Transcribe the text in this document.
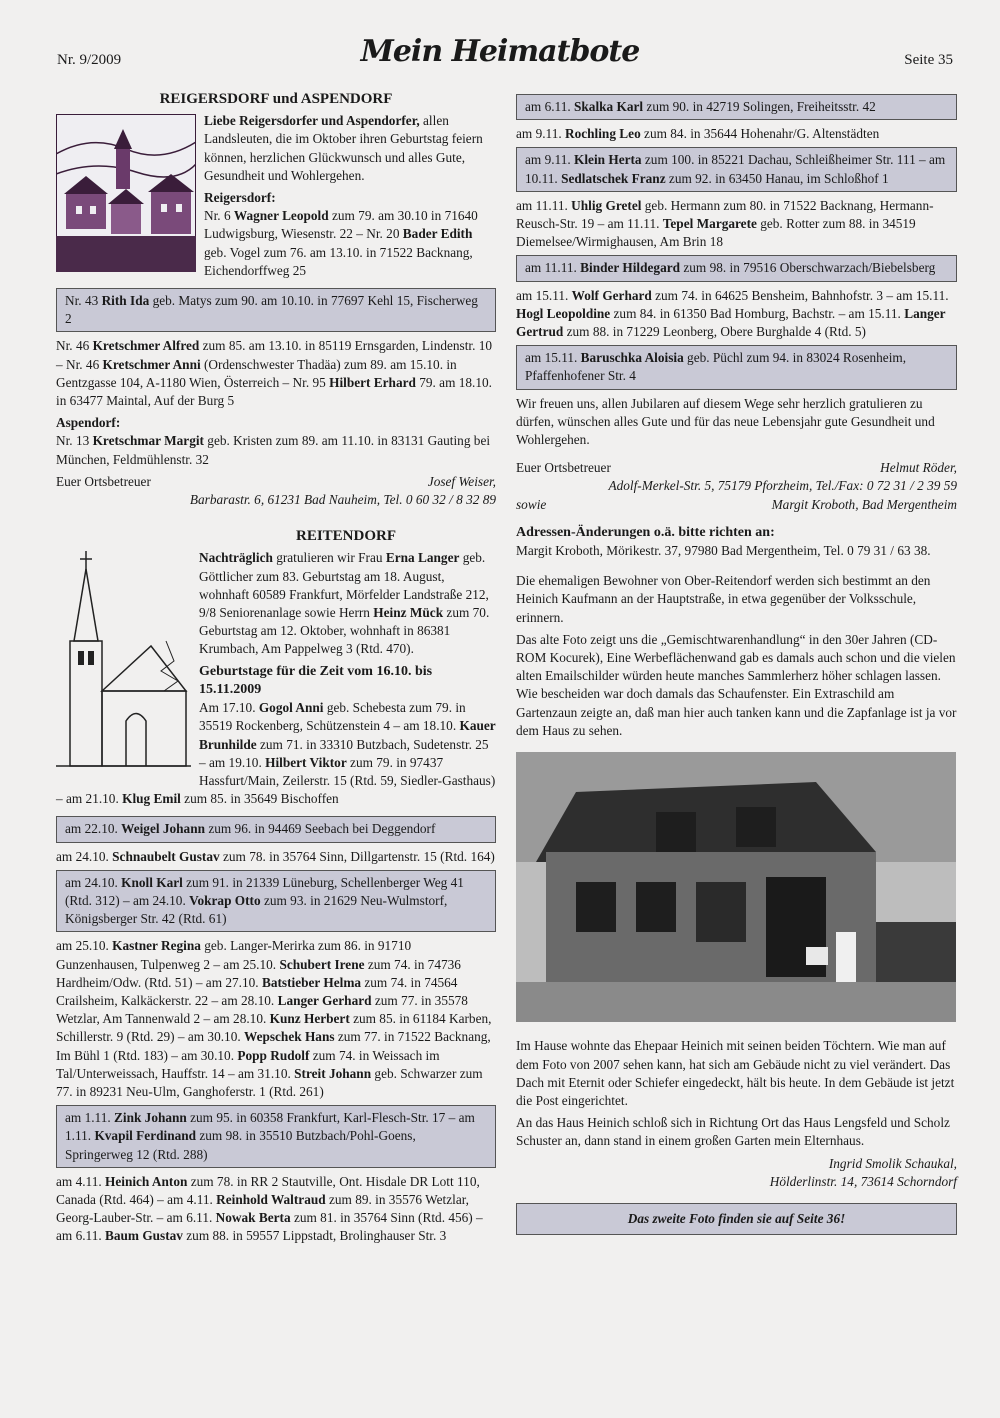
Nr. 9/2009	Mein Heimatbote	Seite 35
REIGERSDORF und ASPENDORF
Liebe Reigersdorfer und Aspendorfer, allen Landsleuten, die im Oktober ihren Geburtstag feiern können, herzlichen Glückwunsch und alles Gute, Gesundheit und Wohlergehen.
Reigersdorf:
Nr. 6 Wagner Leopold zum 79. am 30.10 in 71640 Ludwigsburg, Wiesenstr. 22 – Nr. 20 Bader Edith geb. Vogel zum 76. am 13.10. in 71522 Backnang, Eichendorffweg 25
Nr. 43 Rith Ida geb. Matys zum 90. am 10.10. in 77697 Kehl 15, Fischerweg 2
Nr. 46 Kretschmer Alfred zum 85. am 13.10. in 85119 Ernsgarden, Lindenstr. 10 – Nr. 46 Kretschmer Anni (Ordenschwester Thadäa) zum 89. am 15.10. in Gentzgasse 104, A-1180 Wien, Österreich – Nr. 95 Hilbert Erhard 79. am 18.10. in 63477 Maintal, Auf der Burg 5
Aspendorf:
Nr. 13 Kretschmar Margit geb. Kristen zum 89. am 11.10. in 83131 Gauting bei München, Feldmühlenstr. 32
Euer Ortsbetreuer	Josef Weiser,
Barbarastr. 6, 61231 Bad Nauheim, Tel. 0 60 32 / 8 32 89
REITENDORF
Nachträglich gratulieren wir Frau Erna Langer geb. Göttlicher zum 83. Geburtstag am 18. August, wohnhaft 60589 Frankfurt, Mörfelder Landstraße 212, 9/8 Seniorenanlage sowie Herrn Heinz Mück zum 70. Geburtstag am 12. Oktober, wohnhaft in 86381 Krumbach, Am Pappelweg 3 (Rtd. 470).
Geburtstage für die Zeit vom 16.10. bis 15.11.2009
Am 17.10. Gogol Anni geb. Schebesta zum 79. in 35519 Rockenberg, Schützenstein 4 – am 18.10. Kauer Brunhilde zum 71. in 33310 Butzbach, Sudetenstr. 25 – am 19.10. Hilbert Viktor zum 79. in 97437 Hassfurt/Main, Zeilerstr. 15 (Rtd. 59, Siedler-Gasthaus) – am 21.10. Klug Emil zum 85. in 35649 Bischoffen
am 22.10. Weigel Johann zum 96. in 94469 Seebach bei Deggendorf
am 24.10. Schnaubelt Gustav zum 78. in 35764 Sinn, Dillgartenstr. 15 (Rtd. 164)
am 24.10. Knoll Karl zum 91. in 21339 Lüneburg, Schellenberger Weg 41 (Rtd. 312) – am 24.10. Vokrap Otto zum 93. in 21629 Neu-Wulmstorf, Königsberger Str. 42 (Rtd. 61)
am 25.10. Kastner Regina geb. Langer-Merirka zum 86. in 91710 Gunzenhausen, Tulpenweg 2 – am 25.10. Schubert Irene zum 74. in 74736 Hardheim/Odw. (Rtd. 51) – am 27.10. Batstieber Helma zum 74. in 74564 Crailsheim, Kalkäckerstr. 22 – am 28.10. Langer Gerhard zum 77. in 35578 Wetzlar, Am Tannenwald 2 – am 28.10. Kunz Herbert zum 85. in 61184 Karben, Schillerstr. 9 (Rtd. 29) – am 30.10. Wepschek Hans zum 77. in 71522 Backnang, Im Bühl 1 (Rtd. 183) – am 30.10. Popp Rudolf zum 74. in Weissach im Tal/Unterweissach, Hauffstr. 14 – am 31.10. Streit Johann geb. Schwarzer zum 77. in 89231 Neu-Ulm, Ganghoferstr. 1 (Rtd. 261)
am 1.11. Zink Johann zum 95. in 60358 Frankfurt, Karl-Flesch-Str. 17 – am 1.11. Kvapil Ferdinand zum 98. in 35510 Butzbach/Pohl-Goens, Springerweg 12 (Rtd. 288)
am 4.11. Heinich Anton zum 78. in RR 2 Stautville, Ont. Hisdale DR Lott 110, Canada (Rtd. 464) – am 4.11. Reinhold Waltraud zum 89. in 35576 Wetzlar, Georg-Lauber-Str. – am 6.11. Nowak Berta zum 81. in 35764 Sinn (Rtd. 456) – am 6.11. Baum Gustav zum 88. in 59557 Lippstadt, Brolinghauser Str. 3
am 6.11. Skalka Karl zum 90. in 42719 Solingen, Freiheitsstr. 42
am 9.11. Rochling Leo zum 84. in 35644 Hohenahr/G. Altenstädten
am 9.11. Klein Herta zum 100. in 85221 Dachau, Schleißheimer Str. 111 – am 10.11. Sedlatschek Franz zum 92. in 63450 Hanau, im Schloßhof 1
am 11.11. Uhlig Gretel geb. Hermann zum 80. in 71522 Backnang, Hermann-Reusch-Str. 19 – am 11.11. Tepel Margarete geb. Rotter zum 88. in 34519 Diemelsee/Wirmighausen, Am Brin 18
am 11.11. Binder Hildegard zum 98. in 79516 Oberschwarzach/Biebelsberg
am 15.11. Wolf Gerhard zum 74. in 64625 Bensheim, Bahnhofstr. 3 – am 15.11. Hogl Leopoldine zum 84. in 61350 Bad Homburg, Bachstr. – am 15.11. Langer Gertrud zum 88. in 71229 Leonberg, Obere Burghalde 4 (Rtd. 5)
am 15.11. Baruschka Aloisia geb. Püchl zum 94. in 83024 Rosenheim, Pfaffenhofener Str. 4
Wir freuen uns, allen Jubilaren auf diesem Wege sehr herzlich gratulieren zu dürfen, wünschen alles Gute und für das neue Lebensjahr gute Gesundheit und Wohlergehen.
Euer Ortsbetreuer	Helmut Röder,
Adolf-Merkel-Str. 5, 75179 Pforzheim, Tel./Fax: 0 72 31 / 2 39 59
sowie	Margit Kroboth, Bad Mergentheim
Adressen-Änderungen o.ä. bitte richten an:
Margit Kroboth, Mörikestr. 37, 97980 Bad Mergentheim, Tel. 0 79 31 / 63 38.
Die ehemaligen Bewohner von Ober-Reitendorf werden sich bestimmt an den Heinich Kaufmann an der Hauptstraße, in etwa gegenüber der Volksschule, erinnern.
Das alte Foto zeigt uns die „Gemischtwarenhandlung“ in den 30er Jahren (CD-ROM Kocurek), Eine Werbeflächenwand gab es damals auch schon und die vielen alten Emailschilder würden heute manches Sammlerherz höher schlagen lassen. Wie bescheiden war doch damals das Schaufenster. Ein Extraschild am Gartenzaun zeigte an, daß man hier auch tanken kann und die Zapfanlage ist ja vor dem Haus zu sehen.
Im Hause wohnte das Ehepaar Heinich mit seinen beiden Töchtern. Wie man auf dem Foto von 2007 sehen kann, hat sich am Gebäude nicht zu viel verändert. Das Dach mit Eternit oder Schiefer eingedeckt, hält bis heute. In dem Gebäude ist jetzt die Post eingerichtet.
An das Haus Heinich schloß sich in Richtung Ort das Haus Lengsfeld und Scholz Schuster an, dann stand in einem großen Garten mein Elternhaus.
Ingrid Smolik Schaukal,
Hölderlinstr. 14, 73614 Schorndorf
Das zweite Foto finden sie auf Seite 36!
